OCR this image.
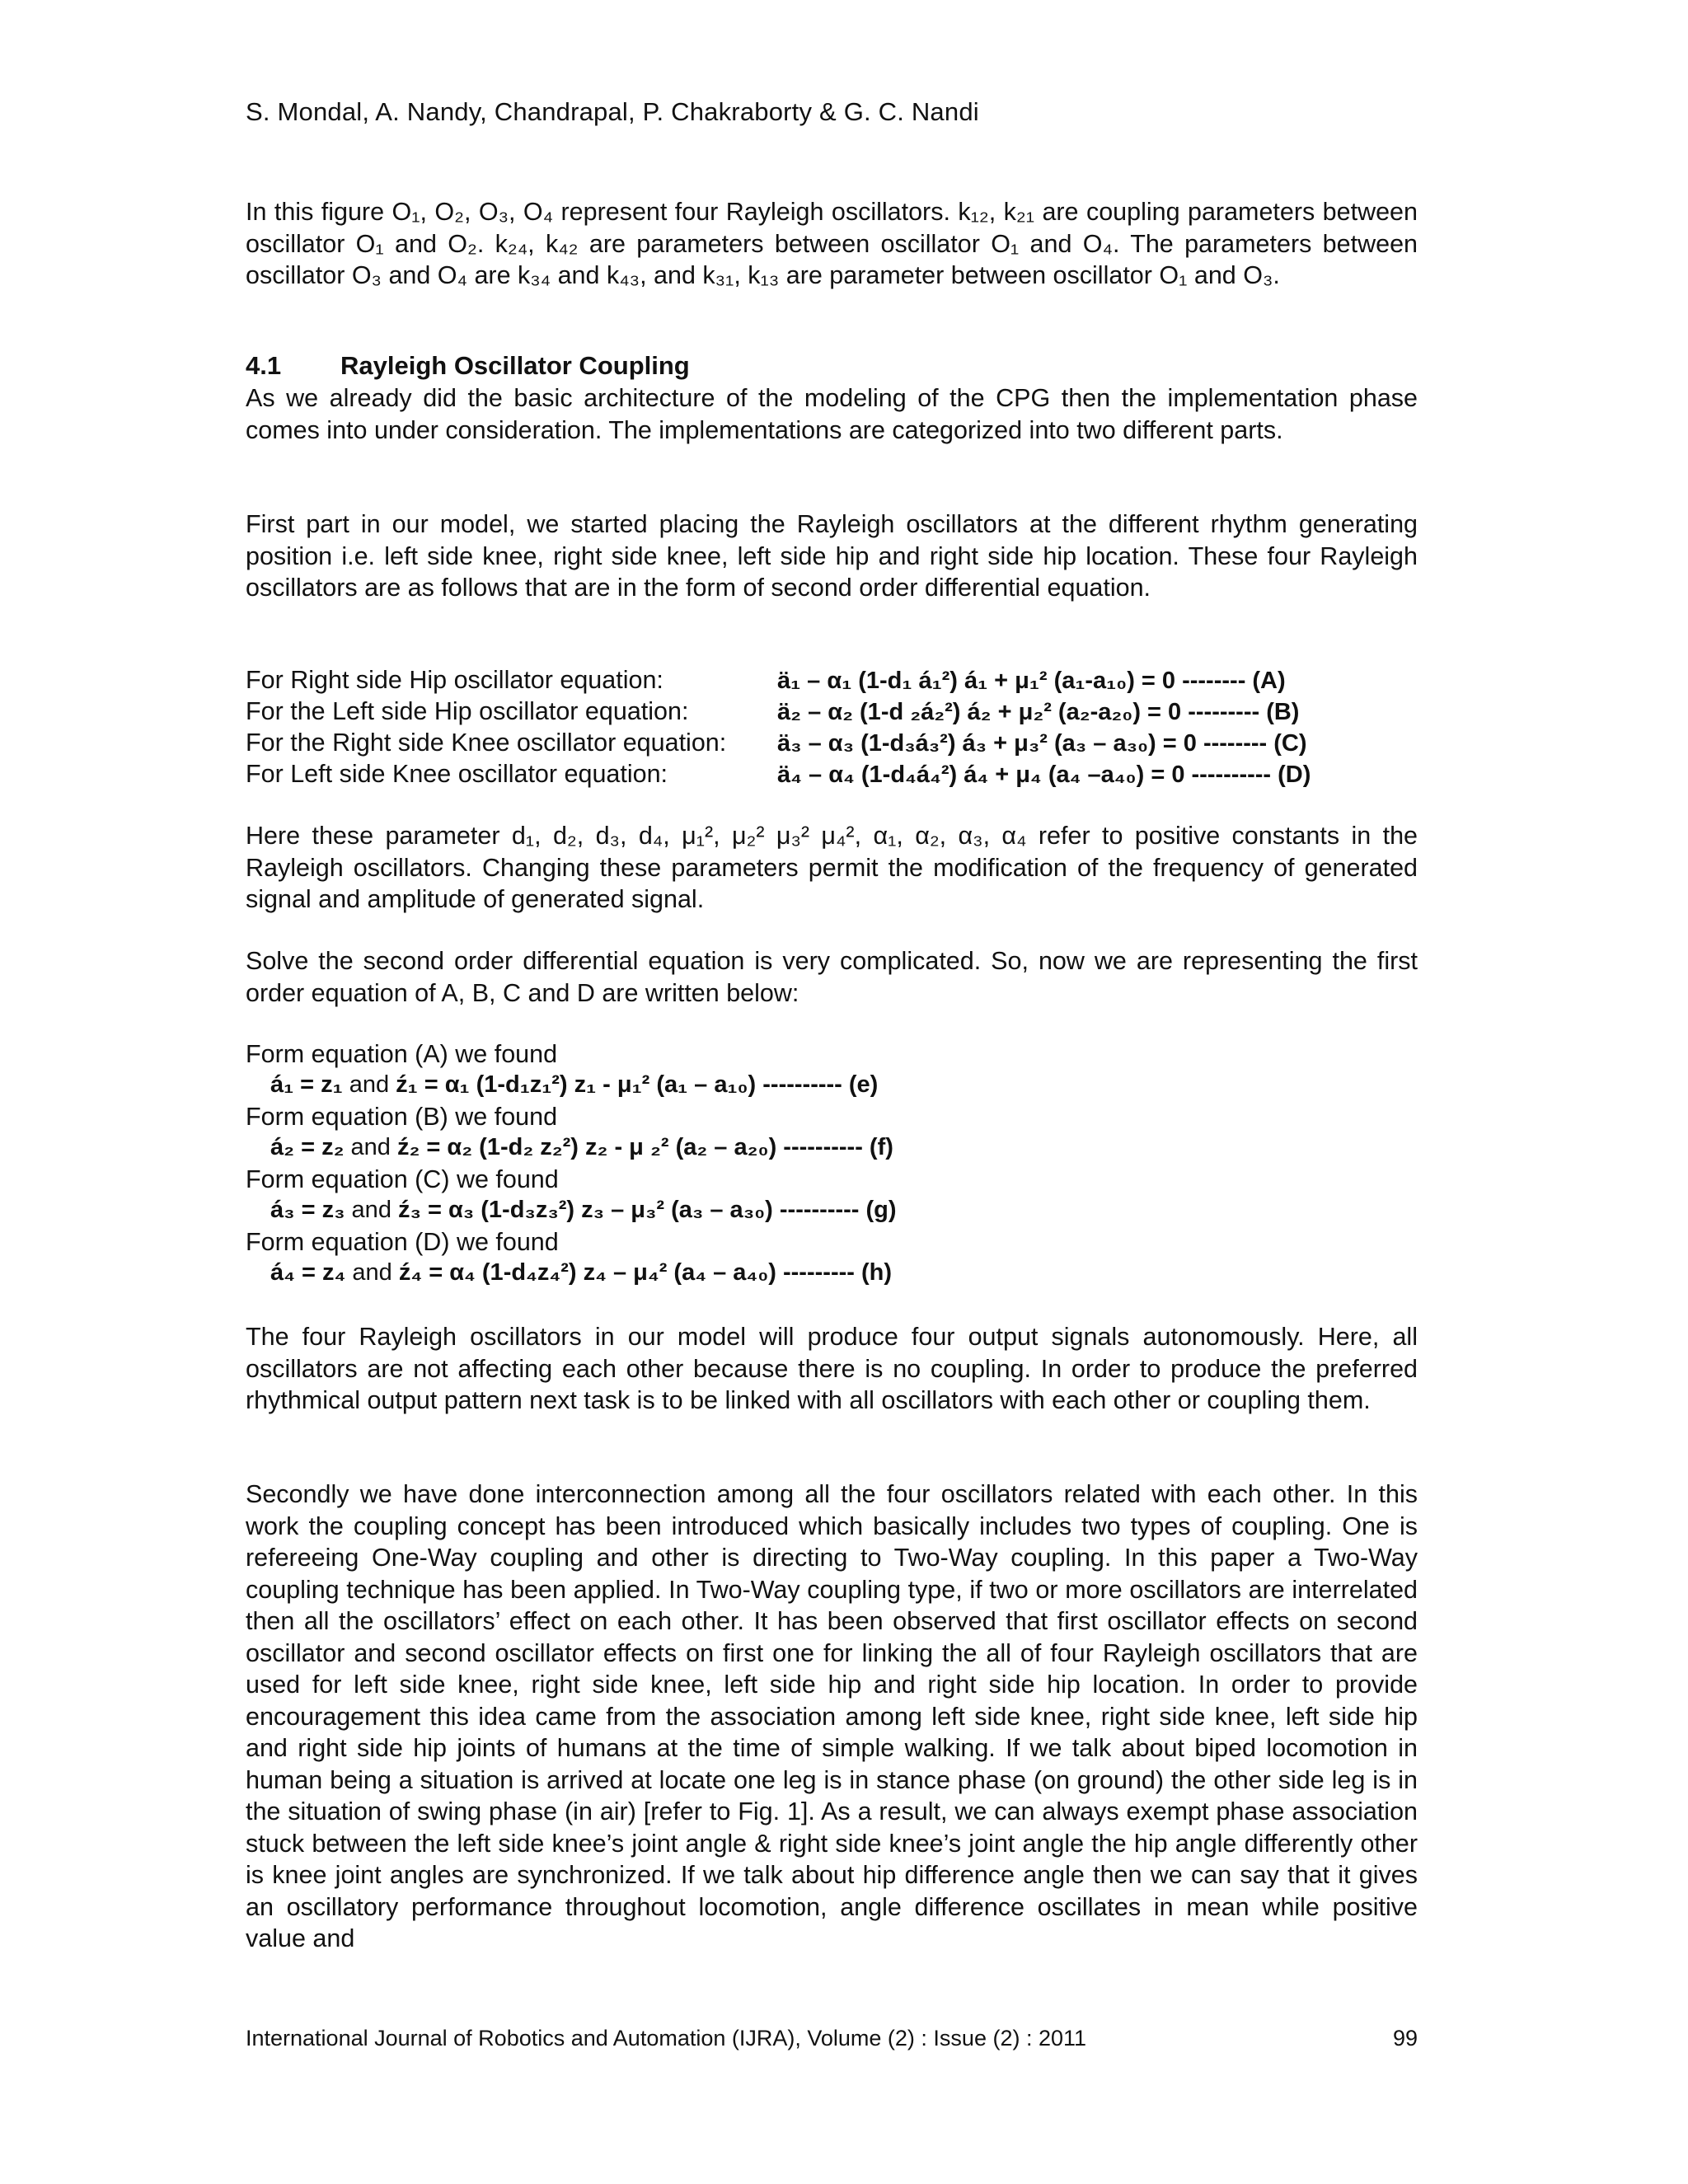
S. Mondal, A. Nandy, Chandrapal, P. Chakraborty & G. C. Nandi

In this figure O₁, O₂, O₃, O₄ represent four Rayleigh oscillators. k₁₂, k₂₁ are coupling parameters between oscillator O₁ and O₂. k₂₄, k₄₂ are parameters between oscillator O₁ and O₄. The parameters between oscillator O₃ and O₄ are k₃₄ and k₄₃, and k₃₁, k₁₃ are parameter between oscillator O₁ and O₃.

4.1 Rayleigh Oscillator Coupling

As we already did the basic architecture of the modeling of the CPG then the implementation phase comes into under consideration. The implementations are categorized into two different parts.

First part in our model, we started placing the Rayleigh oscillators at the different rhythm generating position i.e. left side knee, right side knee, left side hip and right side hip location. These four Rayleigh oscillators are as follows that are in the form of second order differential equation.

For Right side Hip oscillator equation:	ä₁ – α₁ (1-d₁ á₁²) á₁ + μ₁² (a₁-a₁₀) = 0 -------- (A)
For the Left side Hip oscillator equation:	ä₂ – α₂ (1-d ₂á₂²) á₂ + μ₂² (a₂-a₂₀) = 0 --------- (B)
For the Right side Knee oscillator equation: ä₃ – α₃ (1-d₃á₃²) á₃ + μ₃² (a₃ – a₃₀) = 0 -------- (C)
For Left side Knee oscillator equation:	ä₄ – α₄ (1-d₄á₄²) á₄ + μ₄ (a₄ –a₄₀) = 0 ---------- (D)

Here these parameter d₁, d₂, d₃, d₄, μ₁², μ₂² μ₃² μ₄², α₁, α₂, α₃, α₄ refer to positive constants in the Rayleigh oscillators. Changing these parameters permit the modification of the frequency of generated signal and amplitude of generated signal.

Solve the second order differential equation is very complicated. So, now we are representing the first order equation of A, B, C and D are written below:

Form equation (A) we found
á₁ = z₁ and ź₁ = α₁ (1-d₁z₁²) z₁ - μ₁² (a₁ – a₁₀) ---------- (e)
Form equation (B) we found
á₂ = z₂ and ź₂ = α₂ (1-d₂ z₂²) z₂ - μ ₂² (a₂ – a₂₀) ---------- (f)
Form equation (C) we found
á₃ = z₃ and ź₃ = α₃ (1-d₃z₃²) z₃ – μ₃² (a₃ – a₃₀) ---------- (g)
Form equation (D) we found
á₄ = z₄ and ź₄ = α₄ (1-d₄z₄²) z₄ – μ₄² (a₄ – a₄₀) --------- (h)

The four Rayleigh oscillators in our model will produce four output signals autonomously. Here, all oscillators are not affecting each other because there is no coupling. In order to produce the preferred rhythmical output pattern next task is to be linked with all oscillators with each other or coupling them.

Secondly we have done interconnection among all the four oscillators related with each other. In this work the coupling concept has been introduced which basically includes two types of coupling. One is refereeing One-Way coupling and other is directing to Two-Way coupling. In this paper a Two-Way coupling technique has been applied. In Two-Way coupling type, if two or more oscillators are interrelated then all the oscillators’ effect on each other. It has been observed that first oscillator effects on second oscillator and second oscillator effects on first one for linking the all of four Rayleigh oscillators that are used for left side knee, right side knee, left side hip and right side hip location. In order to provide encouragement this idea came from the association among left side knee, right side knee, left side hip and right side hip joints of humans at the time of simple walking. If we talk about biped locomotion in human being a situation is arrived at locate one leg is in stance phase (on ground) the other side leg is in the situation of swing phase (in air) [refer to Fig. 1]. As a result, we can always exempt phase association stuck between the left side knee’s joint angle & right side knee’s joint angle the hip angle differently other is knee joint angles are synchronized. If we talk about hip difference angle then we can say that it gives an oscillatory performance throughout locomotion, angle difference oscillates in mean while positive value and

International Journal of Robotics and Automation (IJRA), Volume (2) : Issue (2) : 2011	99
